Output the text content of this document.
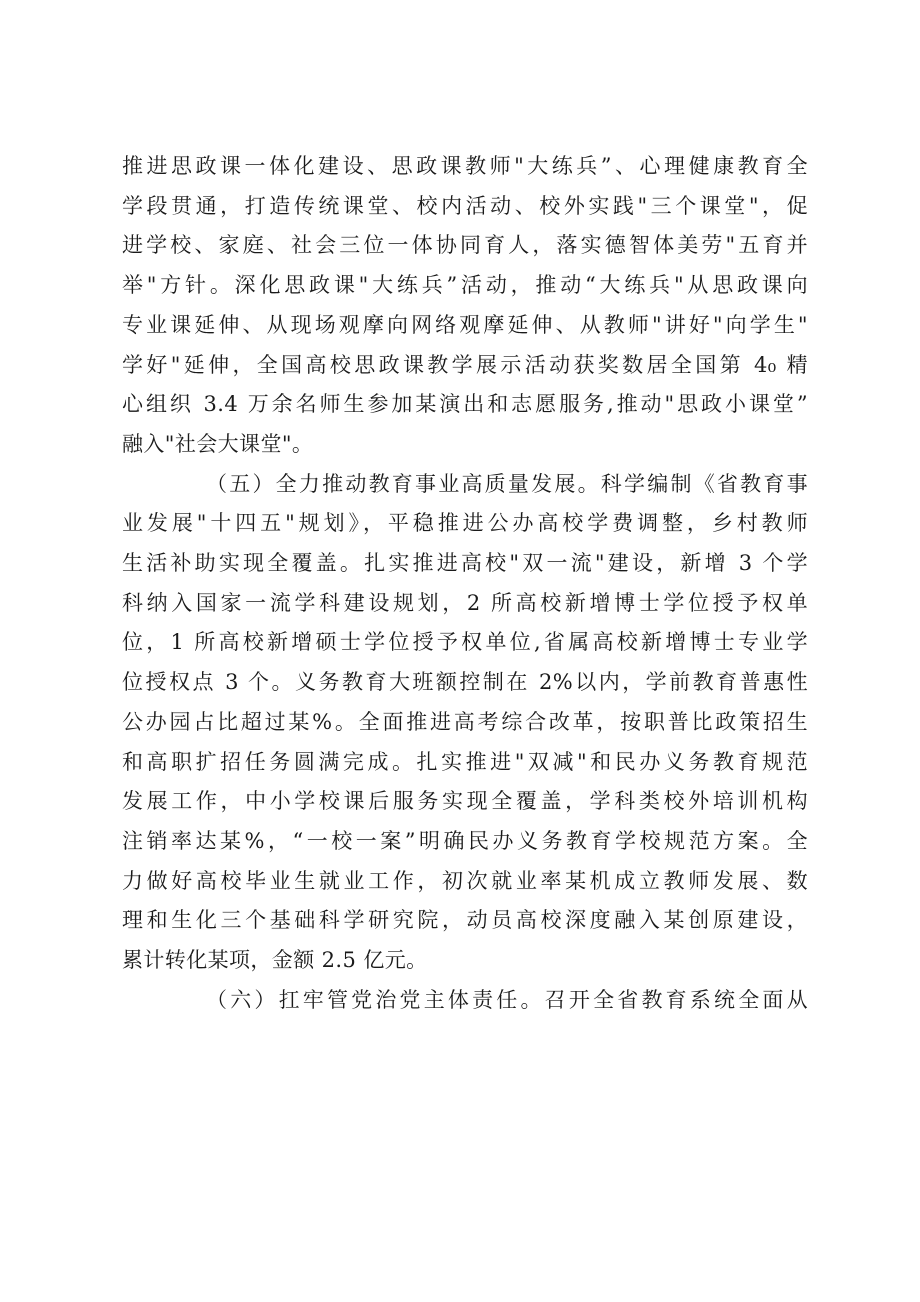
推进思政课一体化建设、思政课教师"大练兵”、心理健康教育全
学段贯通，打造传统课堂、校内活动、校外实践"三个课堂"，促
进学校、家庭、社会三位一体协同育人，落实德智体美劳"五育并
举"方针。深化思政课"大练兵”活动，推动“大练兵"从思政课向
专业课延伸、从现场观摩向网络观摩延伸、从教师"讲好"向学生"
学好"延伸，全国高校思政课教学展示活动获奖数居全国第 4₀ 精
心组织 3.4 万余名师生参加某演出和志愿服务,推动"思政小课堂”
融入"社会大课堂"。
（五）全力推动教育事业高质量发展。科学编制《省教育事
业发展"十四五"规划》，平稳推进公办高校学费调整，乡村教师
生活补助实现全覆盖。扎实推进高校"双一流"建设，新增 3 个学
科纳入国家一流学科建设规划，2 所高校新增博士学位授予权单
位，1 所高校新增硕士学位授予权单位,省属高校新增博士专业学
位授权点 3 个。义务教育大班额控制在 2%以内，学前教育普惠性
公办园占比超过某%。全面推进高考综合改革，按职普比政策招生
和高职扩招任务圆满完成。扎实推进"双减"和民办义务教育规范
发展工作，中小学校课后服务实现全覆盖，学科类校外培训机构
注销率达某%，“一校一案”明确民办义务教育学校规范方案。全
力做好高校毕业生就业工作，初次就业率某机成立教师发展、数
理和生化三个基础科学研究院，动员高校深度融入某创原建设，
累计转化某项，金额 2.5 亿元。
（六）扛牢管党治党主体责任。召开全省教育系统全面从
